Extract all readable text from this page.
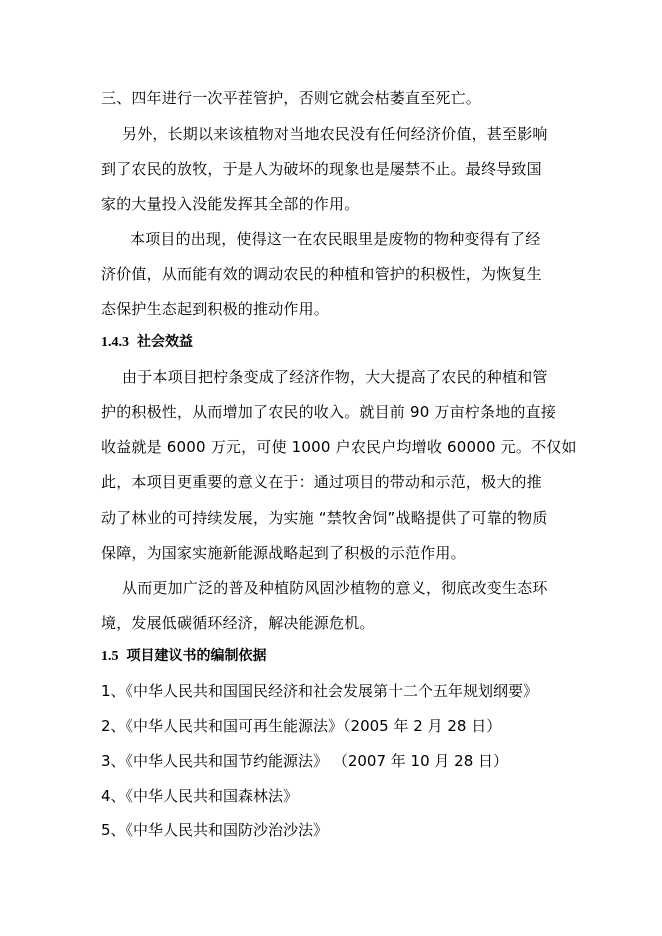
三、四年进行一次平茬管护，否则它就会枯萎直至死亡。
另外，长期以来该植物对当地农民没有任何经济价值，甚至影响
到了农民的放牧，于是人为破坏的现象也是屡禁不止。最终导致国
家的大量投入没能发挥其全部的作用。
本项目的出现，使得这一在农民眼里是废物的物种变得有了经
济价值，从而能有效的调动农民的种植和管护的积极性，为恢复生
态保护生态起到积极的推动作用。
1.4.3 社会效益
由于本项目把柠条变成了经济作物，大大提高了农民的种植和管
护的积极性，从而增加了农民的收入。就目前 90 万亩柠条地的直接
收益就是 6000 万元，可使 1000 户农民户均增收 60000 元。不仅如
此，本项目更重要的意义在于：通过项目的带动和示范，极大的推
动了林业的可持续发展，为实施 “禁牧舍饲”战略提供了可靠的物质
保障，为国家实施新能源战略起到了积极的示范作用。
从而更加广泛的普及种植防风固沙植物的意义，彻底改变生态环
境，发展低碳循环经济，解决能源危机。
1.5 项目建议书的编制依据
1、《中华人民共和国国民经济和社会发展第十二个五年规划纲要》
2、《中华人民共和国可再生能源法》（2005 年 2 月 28 日）
3、《中华人民共和国节约能源法》 （2007 年 10 月 28 日）
4、《中华人民共和国森林法》
5、《中华人民共和国防沙治沙法》
